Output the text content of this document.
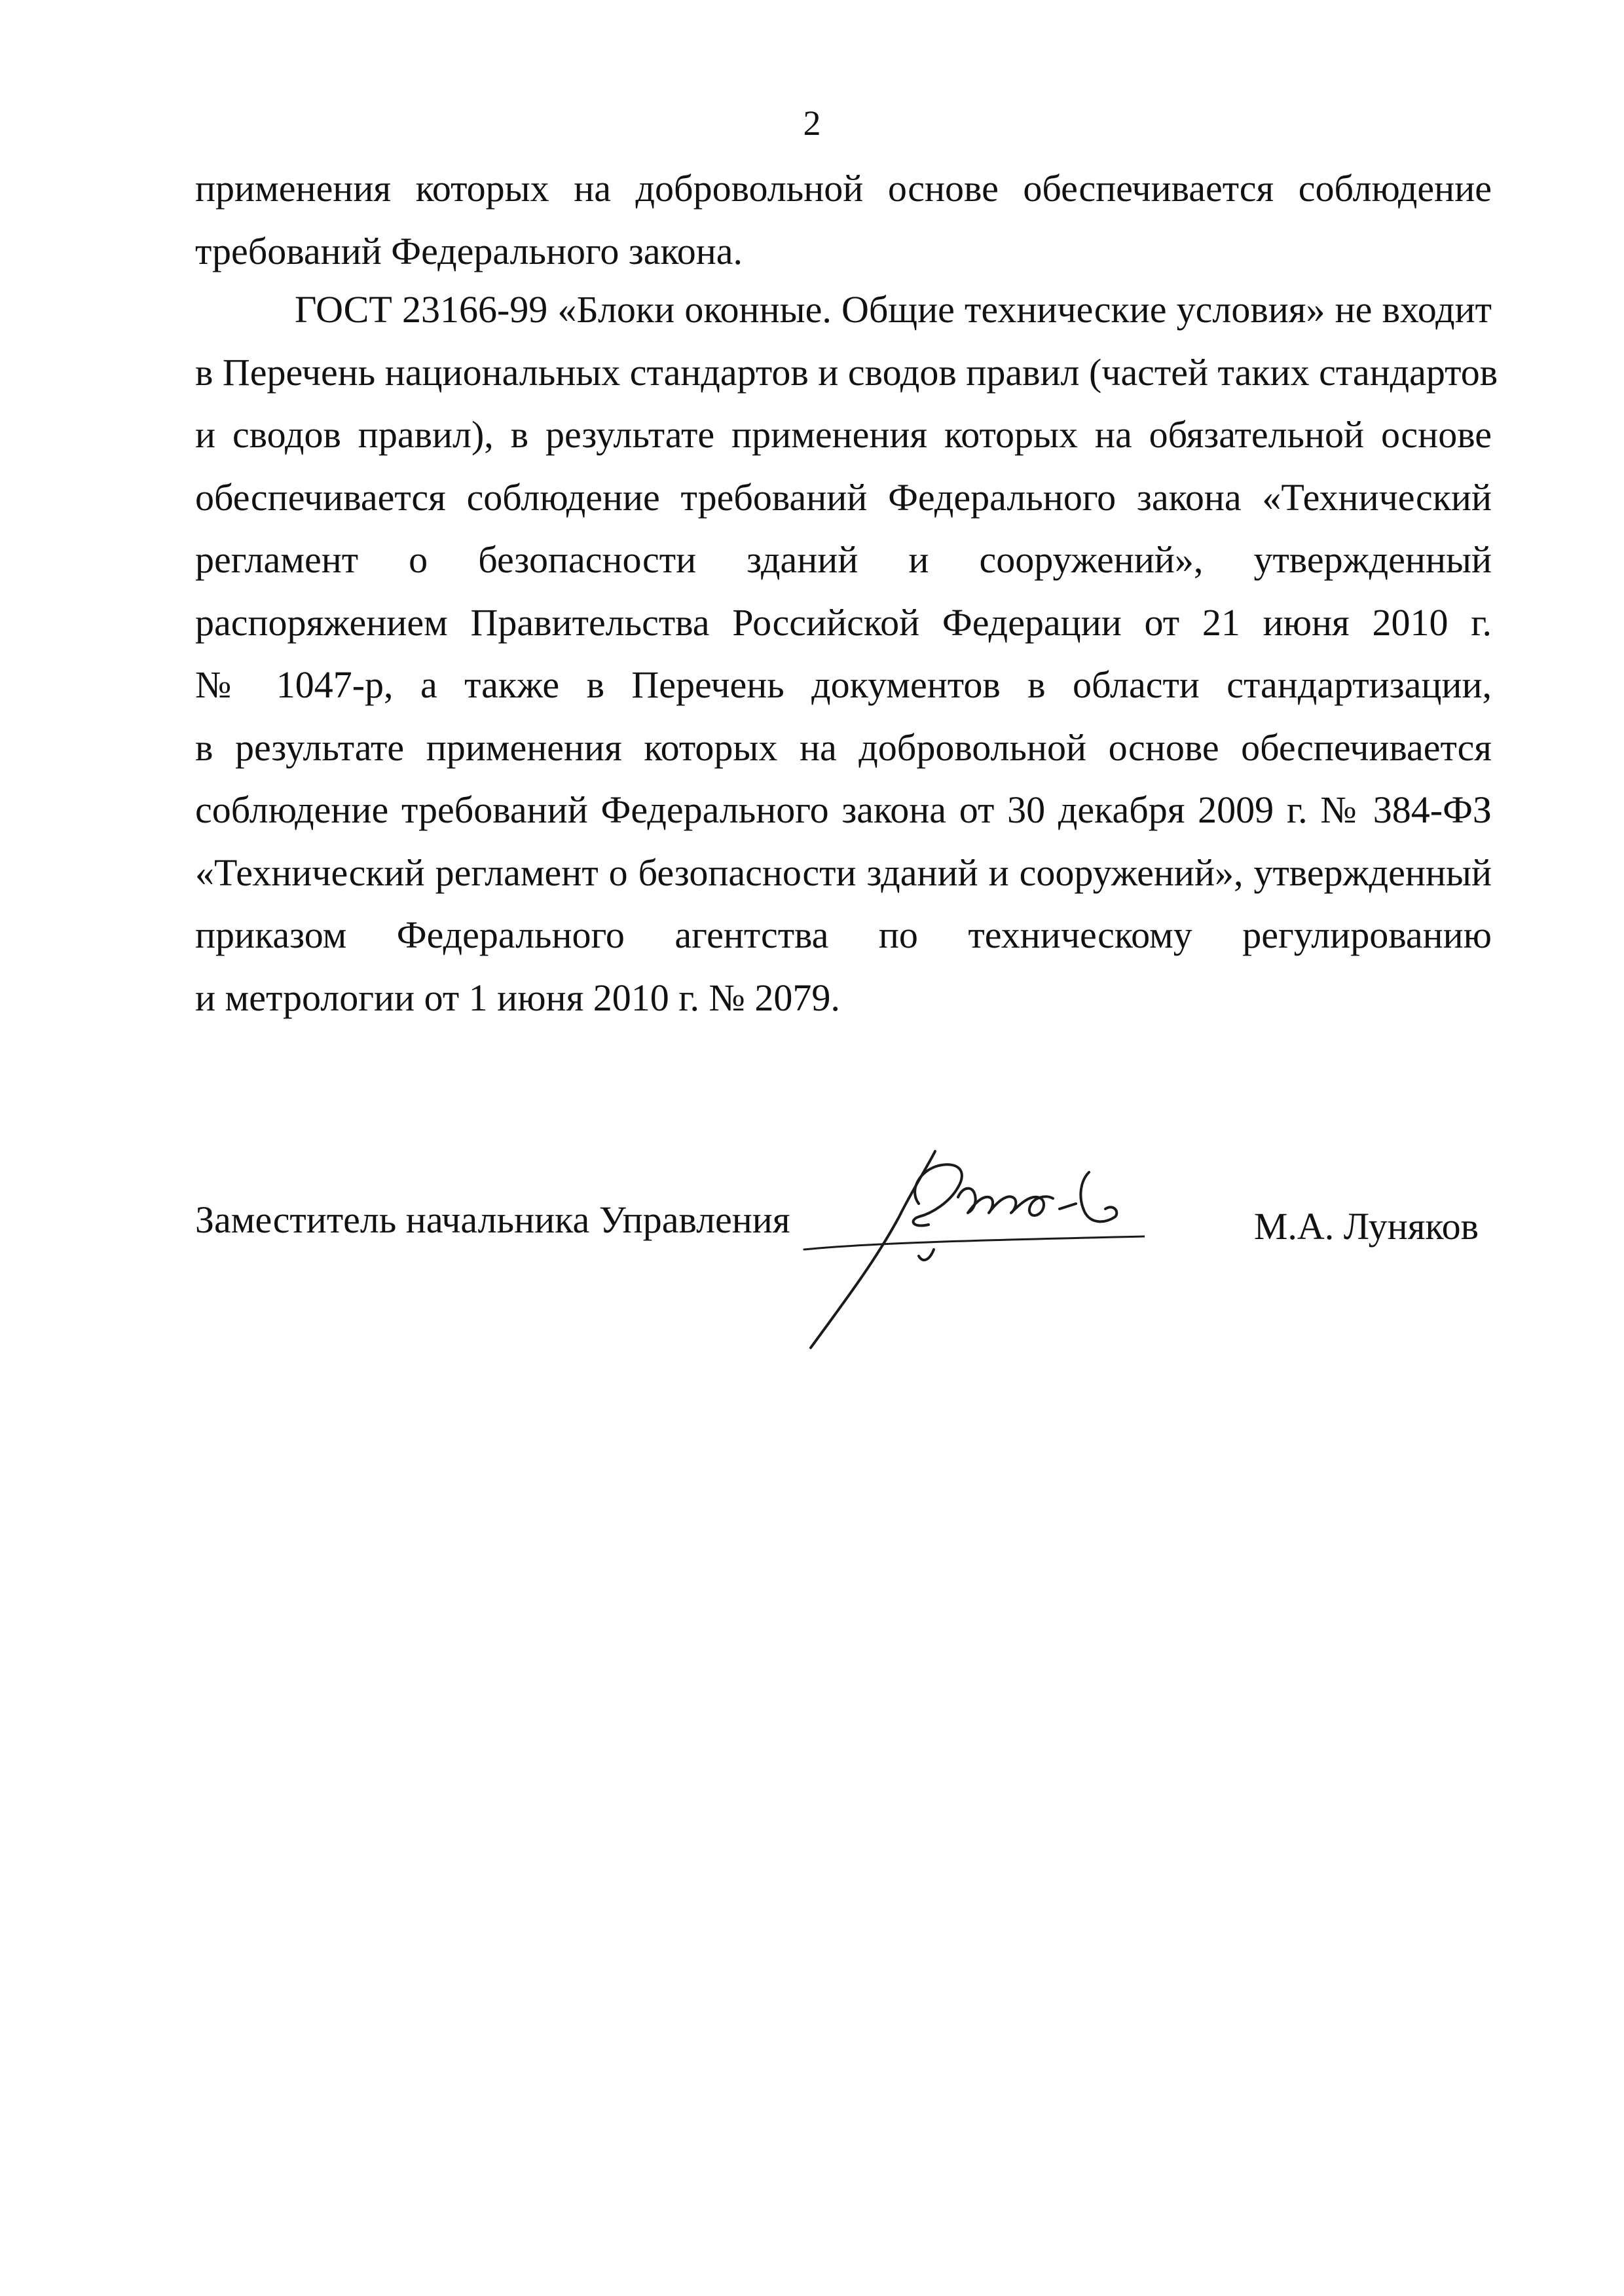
2
применения которых на добровольной основе обеспечивается соблюдение
требований Федерального закона.
ГОСТ 23166-99 «Блоки оконные. Общие технические условия» не входит
в Перечень национальных стандартов и сводов правил (частей таких стандартов
и сводов правил), в результате применения которых на обязательной основе
обеспечивается соблюдение требований Федерального закона «Технический
регламент о безопасности зданий и сооружений», утвержденный
распоряжением Правительства Российской Федерации от 21 июня 2010 г.
№ 1047-р, а также в Перечень документов в области стандартизации,
в результате применения которых на добровольной основе обеспечивается
соблюдение требований Федерального закона от 30 декабря 2009 г. № 384-ФЗ
«Технический регламент о безопасности зданий и сооружений», утвержденный
приказом Федерального агентства по техническому регулированию
и метрологии от 1 июня 2010 г. № 2079.
Заместитель начальника Управления	М.А. Луняков
